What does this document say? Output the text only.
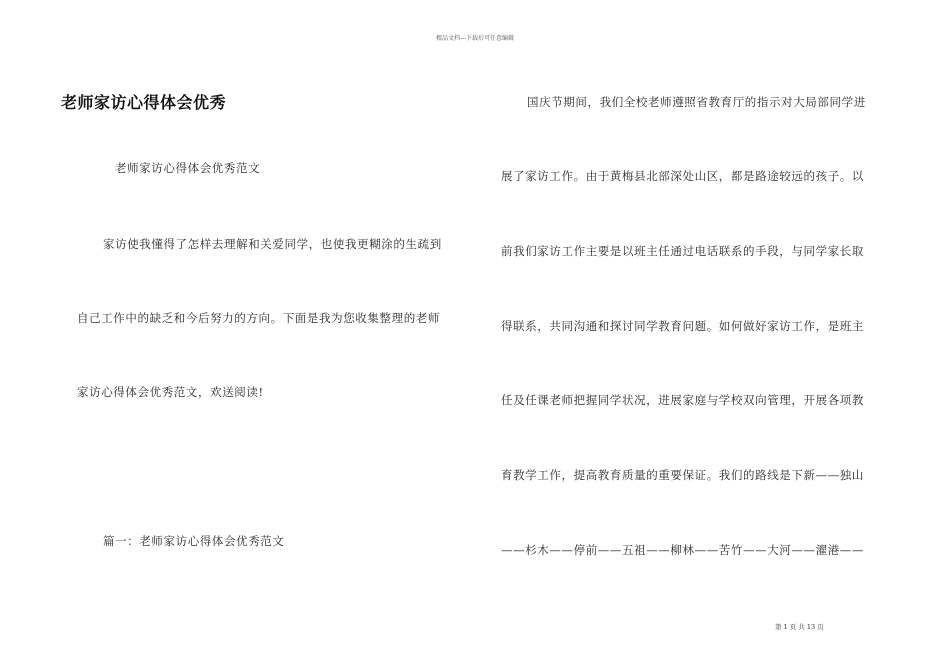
精品文档---下载后可任意编辑
老师家访心得体会优秀
老师家访心得体会优秀范文
家访使我懂得了怎样去理解和关爱同学，也使我更糊涂的生疏到
自己工作中的缺乏和今后努力的方向。下面是我为您收集整理的老师
家访心得体会优秀范文，欢送阅读!
篇一：老师家访心得体会优秀范文
国庆节期间，我们全校老师遵照省教育厅的指示对大局部同学进
展了家访工作。由于黄梅县北部深处山区，都是路途较远的孩子。以
前我们家访工作主要是以班主任通过电话联系的手段，与同学家长取
得联系，共同沟通和探讨同学教育问题。如何做好家访工作，是班主
任及任课老师把握同学状况，进展家庭与学校双向管理，开展各项教
育教学工作，提高教育质量的重要保证。我们的路线是下新——独山
——杉木——停前——五祖——柳林——苦竹——大河——濯港——
第 1 页 共 13 页
